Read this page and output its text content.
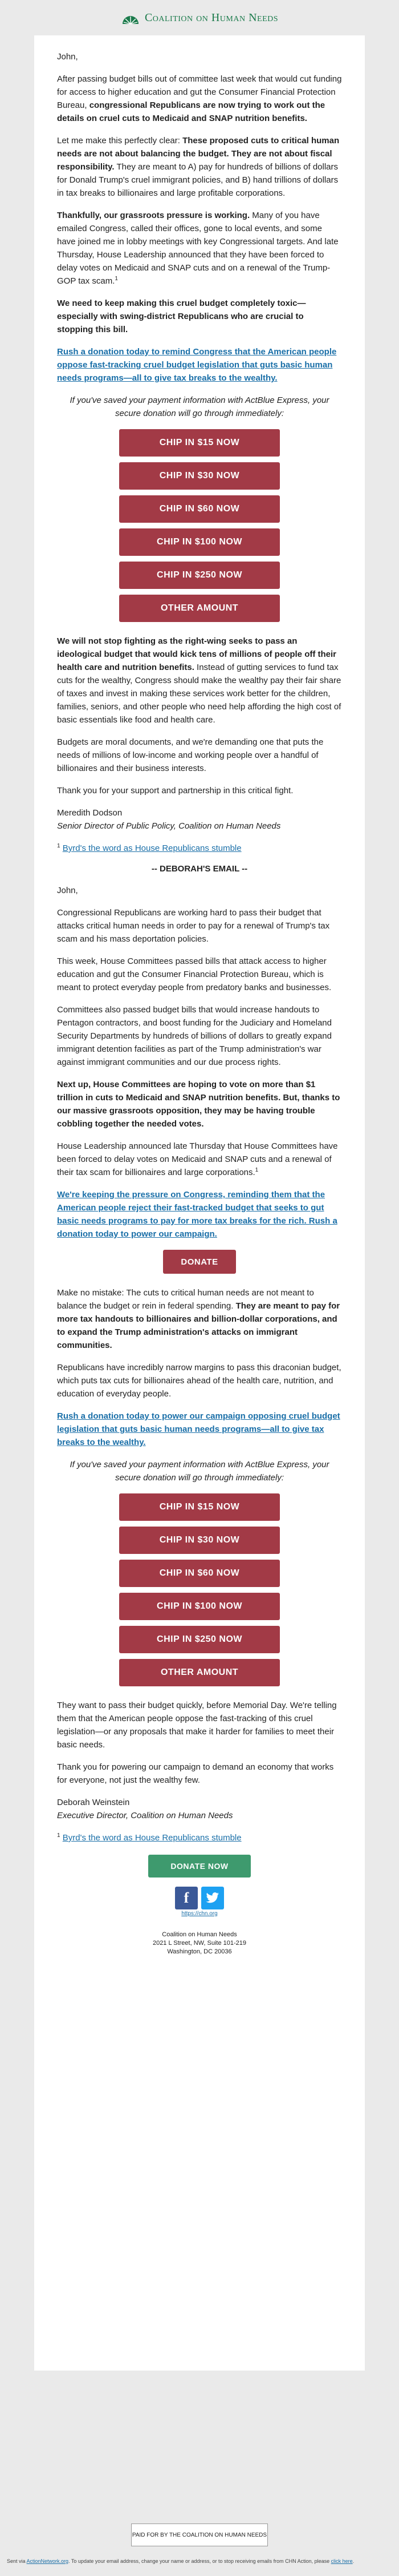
Coalition on Human Needs

John,

After passing budget bills out of committee last week that would cut funding for access to higher education and gut the Consumer Financial Protection Bureau, congressional Republicans are now trying to work out the details on cruel cuts to Medicaid and SNAP nutrition benefits.

Let me make this perfectly clear: These proposed cuts to critical human needs are not about balancing the budget. They are not about fiscal responsibility. They are meant to A) pay for hundreds of billions of dollars for Donald Trump's cruel immigrant policies, and B) hand trillions of dollars in tax breaks to billionaires and large profitable corporations.

Thankfully, our grassroots pressure is working. Many of you have emailed Congress, called their offices, gone to local events, and some have joined me in lobby meetings with key Congressional targets. And late Thursday, House Leadership announced that they have been forced to delay votes on Medicaid and SNAP cuts and on a renewal of the Trump-GOP tax scam.$^1$

We need to keep making this cruel budget completely toxic—especially with swing-district Republicans who are crucial to stopping this bill.

Rush a donation today to remind Congress that the American people oppose fast-tracking cruel budget legislation that guts basic human needs programs—all to give tax breaks to the wealthy.

If you've saved your payment information with ActBlue Express, your secure donation will go through immediately:

CHIP IN $15 NOW
CHIP IN $30 NOW
CHIP IN $60 NOW
CHIP IN $100 NOW
CHIP IN $250 NOW
OTHER AMOUNT

We will not stop fighting as the right-wing seeks to pass an ideological budget that would kick tens of millions of people off their health care and nutrition benefits. Instead of gutting services to fund tax cuts for the wealthy, Congress should make the wealthy pay their fair share of taxes and invest in making these services work better for the children, families, seniors, and other people who need help affording the high cost of basic essentials like food and health care.

Budgets are moral documents, and we're demanding one that puts the needs of millions of low-income and working people over a handful of billionaires and their business interests.

Thank you for your support and partnership in this critical fight.

Meredith Dodson
Senior Director of Public Policy, Coalition on Human Needs

$^1$ Byrd's the word as House Republicans stumble

-- DEBORAH'S EMAIL --

John,

Congressional Republicans are working hard to pass their budget that attacks critical human needs in order to pay for a renewal of Trump's tax scam and his mass deportation policies.

This week, House Committees passed bills that attack access to higher education and gut the Consumer Financial Protection Bureau, which is meant to protect everyday people from predatory banks and businesses.

Committees also passed budget bills that would increase handouts to Pentagon contractors, and boost funding for the Judiciary and Homeland Security Departments by hundreds of billions of dollars to greatly expand immigrant detention facilities as part of the Trump administration's war against immigrant communities and our due process rights.

Next up, House Committees are hoping to vote on more than $1 trillion in cuts to Medicaid and SNAP nutrition benefits. But, thanks to our massive grassroots opposition, they may be having trouble cobbling together the needed votes.

House Leadership announced late Thursday that House Committees have been forced to delay votes on Medicaid and SNAP cuts and a renewal of their tax scam for billionaires and large corporations.$^1$

We're keeping the pressure on Congress, reminding them that the American people reject their fast-tracked budget that seeks to gut basic needs programs to pay for more tax breaks for the rich. Rush a donation today to power our campaign.

DONATE

Make no mistake: The cuts to critical human needs are not meant to balance the budget or rein in federal spending. They are meant to pay for more tax handouts to billionaires and billion-dollar corporations, and to expand the Trump administration's attacks on immigrant communities.

Republicans have incredibly narrow margins to pass this draconian budget, which puts tax cuts for billionaires ahead of the health care, nutrition, and education of everyday people.

Rush a donation today to power our campaign opposing cruel budget legislation that guts basic human needs programs—all to give tax breaks to the wealthy.

If you've saved your payment information with ActBlue Express, your secure donation will go through immediately:

CHIP IN $15 NOW
CHIP IN $30 NOW
CHIP IN $60 NOW
CHIP IN $100 NOW
CHIP IN $250 NOW
OTHER AMOUNT

They want to pass their budget quickly, before Memorial Day. We're telling them that the American people oppose the fast-tracking of this cruel legislation—or any proposals that make it harder for families to meet their basic needs.

Thank you for powering our campaign to demand an economy that works for everyone, not just the wealthy few.

Deborah Weinstein
Executive Director, Coalition on Human Needs

$^1$ Byrd's the word as House Republicans stumble

DONATE NOW
f
https://chn.org
Coalition on Human Needs
2021 L Street, NW, Suite 101-219
Washington, DC 20036
PAID FOR BY THE COALITION ON HUMAN NEEDS
Sent via ActionNetwork.org. To update your email address, change your name or address, or to stop receiving emails from CHN Action, please click here.
